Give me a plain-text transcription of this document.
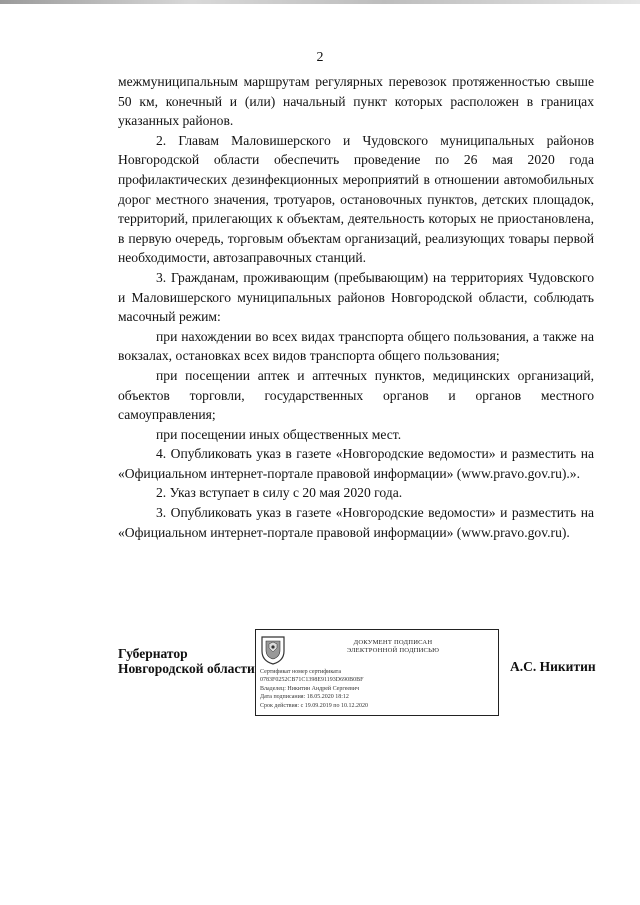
2

межмуниципальным маршрутам регулярных перевозок протяженностью свыше 50 км, конечный и (или) начальный пункт которых расположен в границах указанных районов.

2. Главам Маловишерского и Чудовского муниципальных районов Новгородской области обеспечить проведение по 26 мая 2020 года профилактических дезинфекционных мероприятий в отношении автомобильных дорог местного значения, тротуаров, остановочных пунктов, детских площадок, территорий, прилегающих к объектам, деятельность которых не приостановлена, в первую очередь, торговым объектам организаций, реализующих товары первой необходимости, автозаправочных станций.

3. Гражданам, проживающим (пребывающим) на территориях Чудовского и Маловишерского муниципальных районов Новгородской области, соблюдать масочный режим:

при нахождении во всех видах транспорта общего пользования, а также на вокзалах, остановках всех видов транспорта общего пользования;

при посещении аптек и аптечных пунктов, медицинских организаций, объектов торговли, государственных органов и органов местного самоуправления;

при посещении иных общественных мест.

4. Опубликовать указ в газете «Новгородские ведомости» и разместить на «Официальном интернет-портале правовой информации» (www.pravo.gov.ru).».

2. Указ вступает в силу с 20 мая 2020 года.

3. Опубликовать указ в газете «Новгородские ведомости» и разместить на «Официальном интернет-портале правовой информации» (www.pravo.gov.ru).

Губернатор
Новгородской области
ДОКУМЕНТ ПОДПИСАН
ЭЛЕКТРОННОЙ ПОДПИСЬЮ
Сертификат номер сертификата
0783F0252CB71C1398E91193D690B0BF
Владелец: Никитин Андрей Сергеевич
Дата подписания: 18.05.2020 18:12
Срок действия: с 19.09.2019 по 10.12.2020
А.С. Никитин
